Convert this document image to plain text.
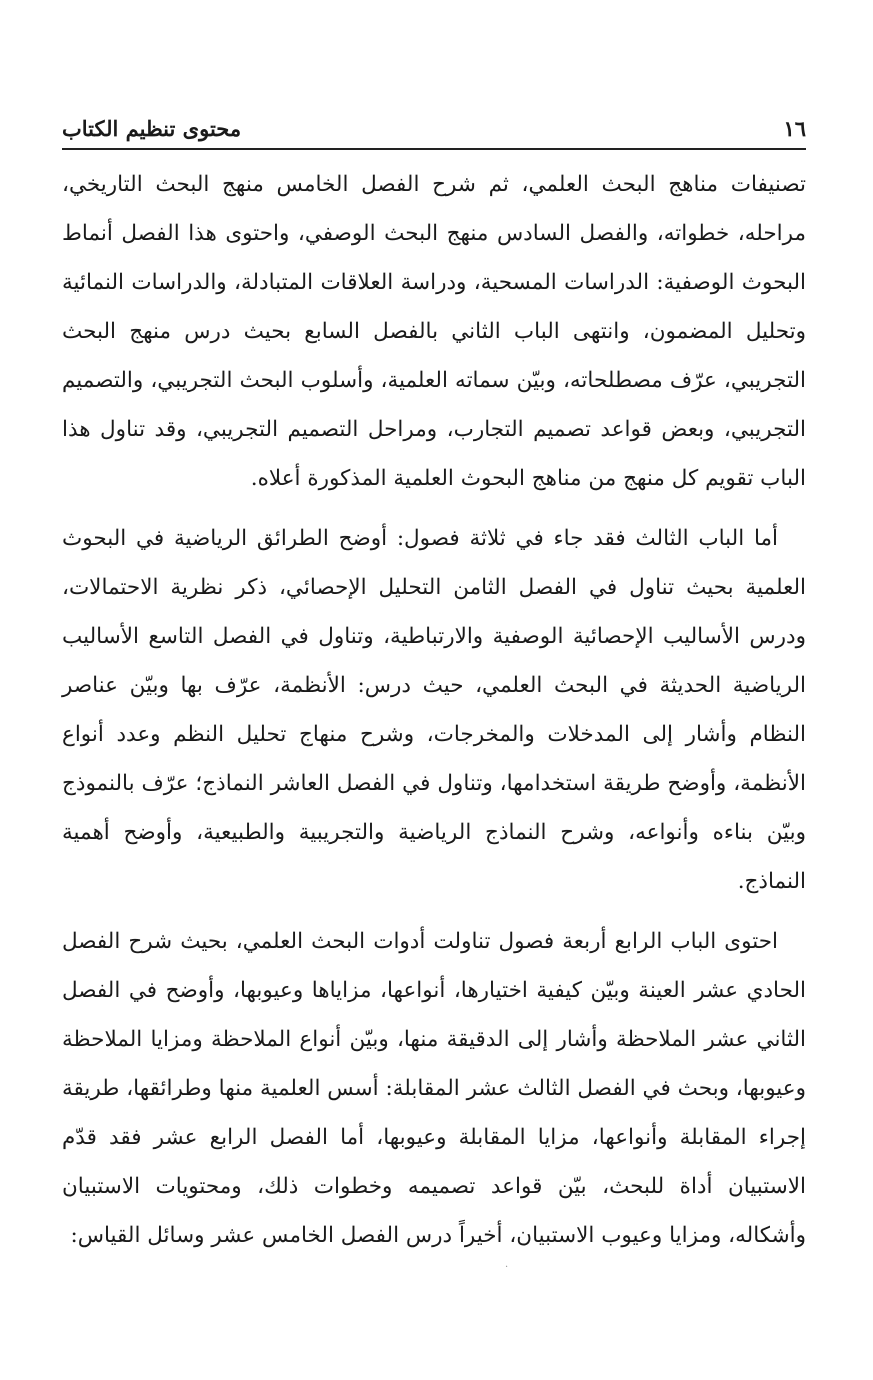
١٦
محتوى تنظيم الكتاب

تصنيفات مناهج البحث العلمي، ثم شرح الفصل الخامس منهج البحث التاريخي، مراحله، خطواته، والفصل السادس منهج البحث الوصفي، واحتوى هذا الفصل أنماط البحوث الوصفية: الدراسات المسحية، ودراسة العلاقات المتبادلة، والدراسات النمائية وتحليل المضمون، وانتهى الباب الثاني بالفصل السابع بحيث درس منهج البحث التجريبي، عرّف مصطلحاته، وبيّن سماته العلمية، وأسلوب البحث التجريبي، والتصميم التجريبي، وبعض قواعد تصميم التجارب، ومراحل التصميم التجريبي، وقد تناول هذا الباب تقويم كل منهج من مناهج البحوث العلمية المذكورة أعلاه.

أما الباب الثالث فقد جاء في ثلاثة فصول: أوضح الطرائق الرياضية في البحوث العلمية بحيث تناول في الفصل الثامن التحليل الإحصائي، ذكر نظرية الاحتمالات، ودرس الأساليب الإحصائية الوصفية والارتباطية، وتناول في الفصل التاسع الأساليب الرياضية الحديثة في البحث العلمي، حيث درس: الأنظمة، عرّف بها وبيّن عناصر النظام وأشار إلى المدخلات والمخرجات، وشرح منهاج تحليل النظم وعدد أنواع الأنظمة، وأوضح طريقة استخدامها، وتناول في الفصل العاشر النماذج؛ عرّف بالنموذج وبيّن بناءه وأنواعه، وشرح النماذج الرياضية والتجريبية والطبيعية، وأوضح أهمية النماذج.

احتوى الباب الرابع أربعة فصول تناولت أدوات البحث العلمي، بحيث شرح الفصل الحادي عشر العينة وبيّن كيفية اختيارها، أنواعها، مزاياها وعيوبها، وأوضح في الفصل الثاني عشر الملاحظة وأشار إلى الدقيقة منها، وبيّن أنواع الملاحظة ومزايا الملاحظة وعيوبها، وبحث في الفصل الثالث عشر المقابلة: أسس العلمية منها وطرائقها، طريقة إجراء المقابلة وأنواعها، مزايا المقابلة وعيوبها، أما الفصل الرابع عشر فقد قدّم الاستبيان أداة للبحث، بيّن قواعد تصميمه وخطوات ذلك، ومحتويات الاستبيان وأشكاله، ومزايا وعيوب الاستبيان، أخيراً درس الفصل الخامس عشر وسائل القياس:

·
